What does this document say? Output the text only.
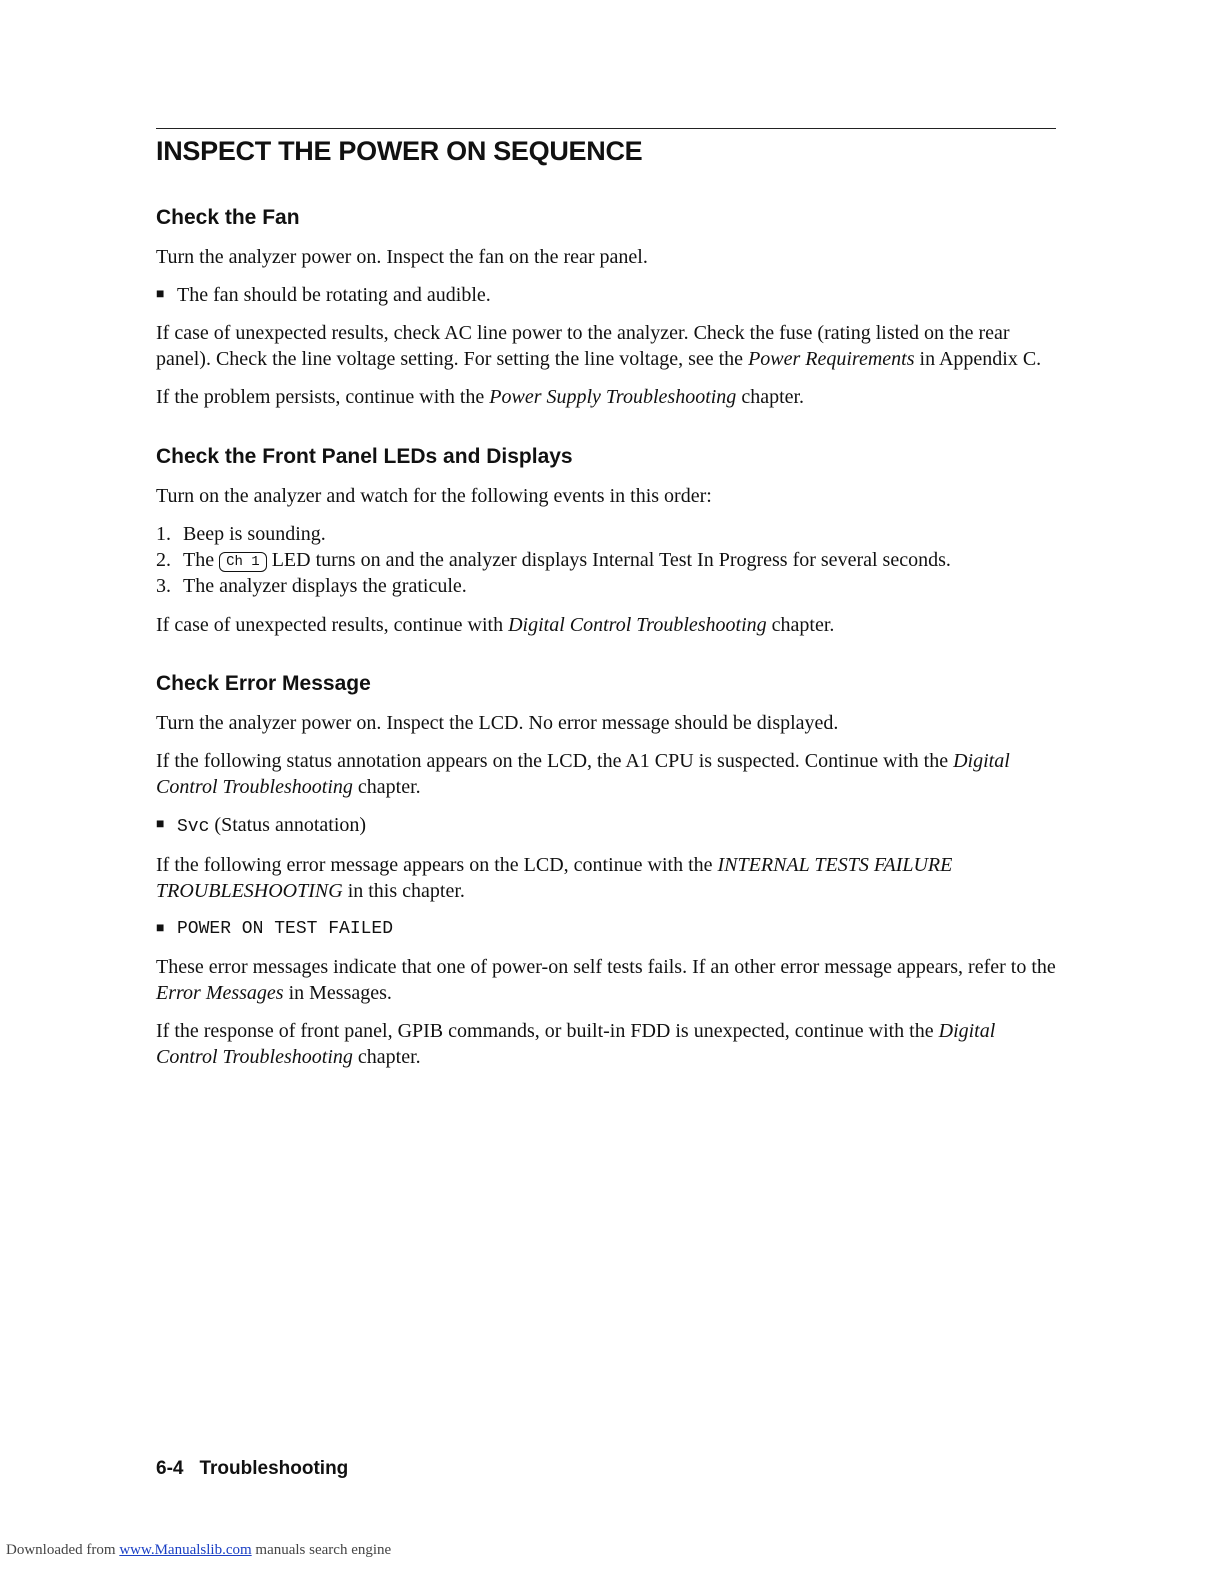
INSPECT THE POWER ON SEQUENCE
Check the Fan

Turn the analyzer power on. Inspect the fan on the rear panel.

■ The fan should be rotating and audible.

If case of unexpected results, check AC line power to the analyzer. Check the fuse (rating listed on the rear panel). Check the line voltage setting. For setting the line voltage, see the Power Requirements in Appendix C.

If the problem persists, continue with the Power Supply Troubleshooting chapter.

Check the Front Panel LEDs and Displays

Turn on the analyzer and watch for the following events in this order:

1. Beep is sounding.
2. The Ch 1 LED turns on and the analyzer displays Internal Test In Progress for several seconds.
3. The analyzer displays the graticule.

If case of unexpected results, continue with Digital Control Troubleshooting chapter.

Check Error Message

Turn the analyzer power on. Inspect the LCD. No error message should be displayed.

If the following status annotation appears on the LCD, the A1 CPU is suspected. Continue with the Digital Control Troubleshooting chapter.

■ Svc (Status annotation)

If the following error message appears on the LCD, continue with the INTERNAL TESTS FAILURE TROUBLESHOOTING in this chapter.

■ POWER ON TEST FAILED

These error messages indicate that one of power-on self tests fails. If an other error message appears, refer to the Error Messages in Messages.

If the response of front panel, GPIB commands, or built-in FDD is unexpected, continue with the Digital Control Troubleshooting chapter.

6-4 Troubleshooting
Downloaded from www.Manualslib.com manuals search engine
